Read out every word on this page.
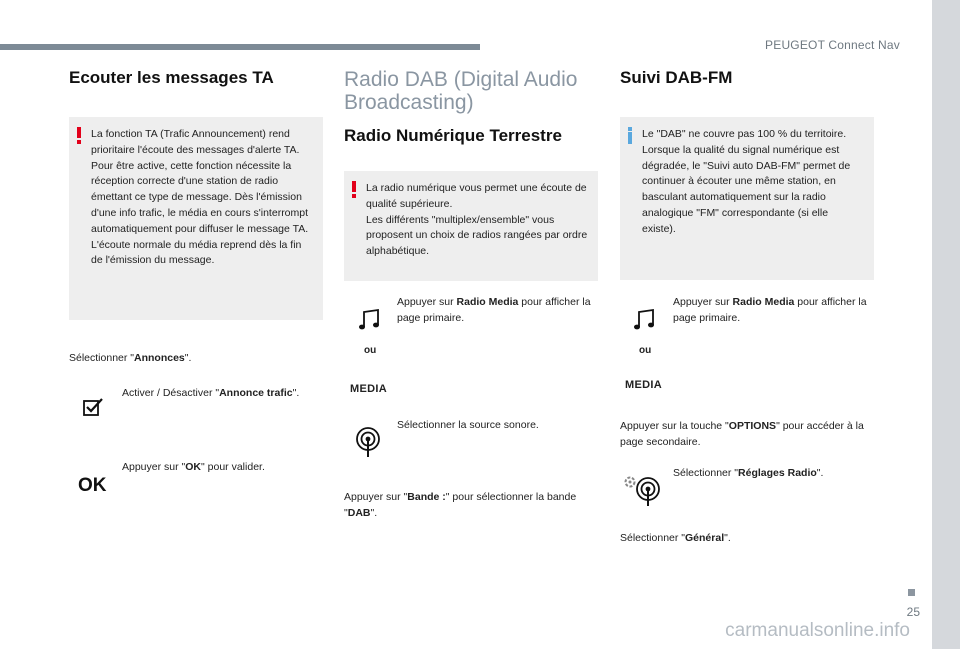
PEUGEOT Connect Nav
Ecouter les messages TA

La fonction TA (Trafic Announcement) rend prioritaire l'écoute des messages d'alerte TA. Pour être active, cette fonction nécessite la réception correcte d'une station de radio émettant ce type de message. Dès l'émission d'une info trafic, le média en cours s'interrompt automatiquement pour diffuser le message TA. L'écoute normale du média reprend dès la fin de l'émission du message.

Sélectionner "Annonces".

Activer / Désactiver "Annonce trafic".

OK

Appuyer sur "OK" pour valider.

Radio DAB (Digital Audio Broadcasting)
Radio Numérique Terrestre

La radio numérique vous permet une écoute de qualité supérieure.

Les différents "multiplex/ensemble" vous proposent un choix de radios rangées par ordre alphabétique.

Appuyer sur Radio Media pour afficher la page primaire.

ou
MEDIA

Sélectionner la source sonore.

Appuyer sur "Bande :" pour sélectionner la bande "DAB".

Suivi DAB-FM

Le "DAB" ne couvre pas 100 % du territoire.

Lorsque la qualité du signal numérique est dégradée, le "Suivi auto DAB-FM" permet de continuer à écouter une même station, en basculant automatiquement sur la radio analogique "FM" correspondante (si elle existe).

Appuyer sur Radio Media pour afficher la page primaire.

ou
MEDIA

Appuyer sur la touche "OPTIONS" pour accéder à la page secondaire.

Sélectionner "Réglages Radio".

Sélectionner "Général".

25
carmanualsonline.info
